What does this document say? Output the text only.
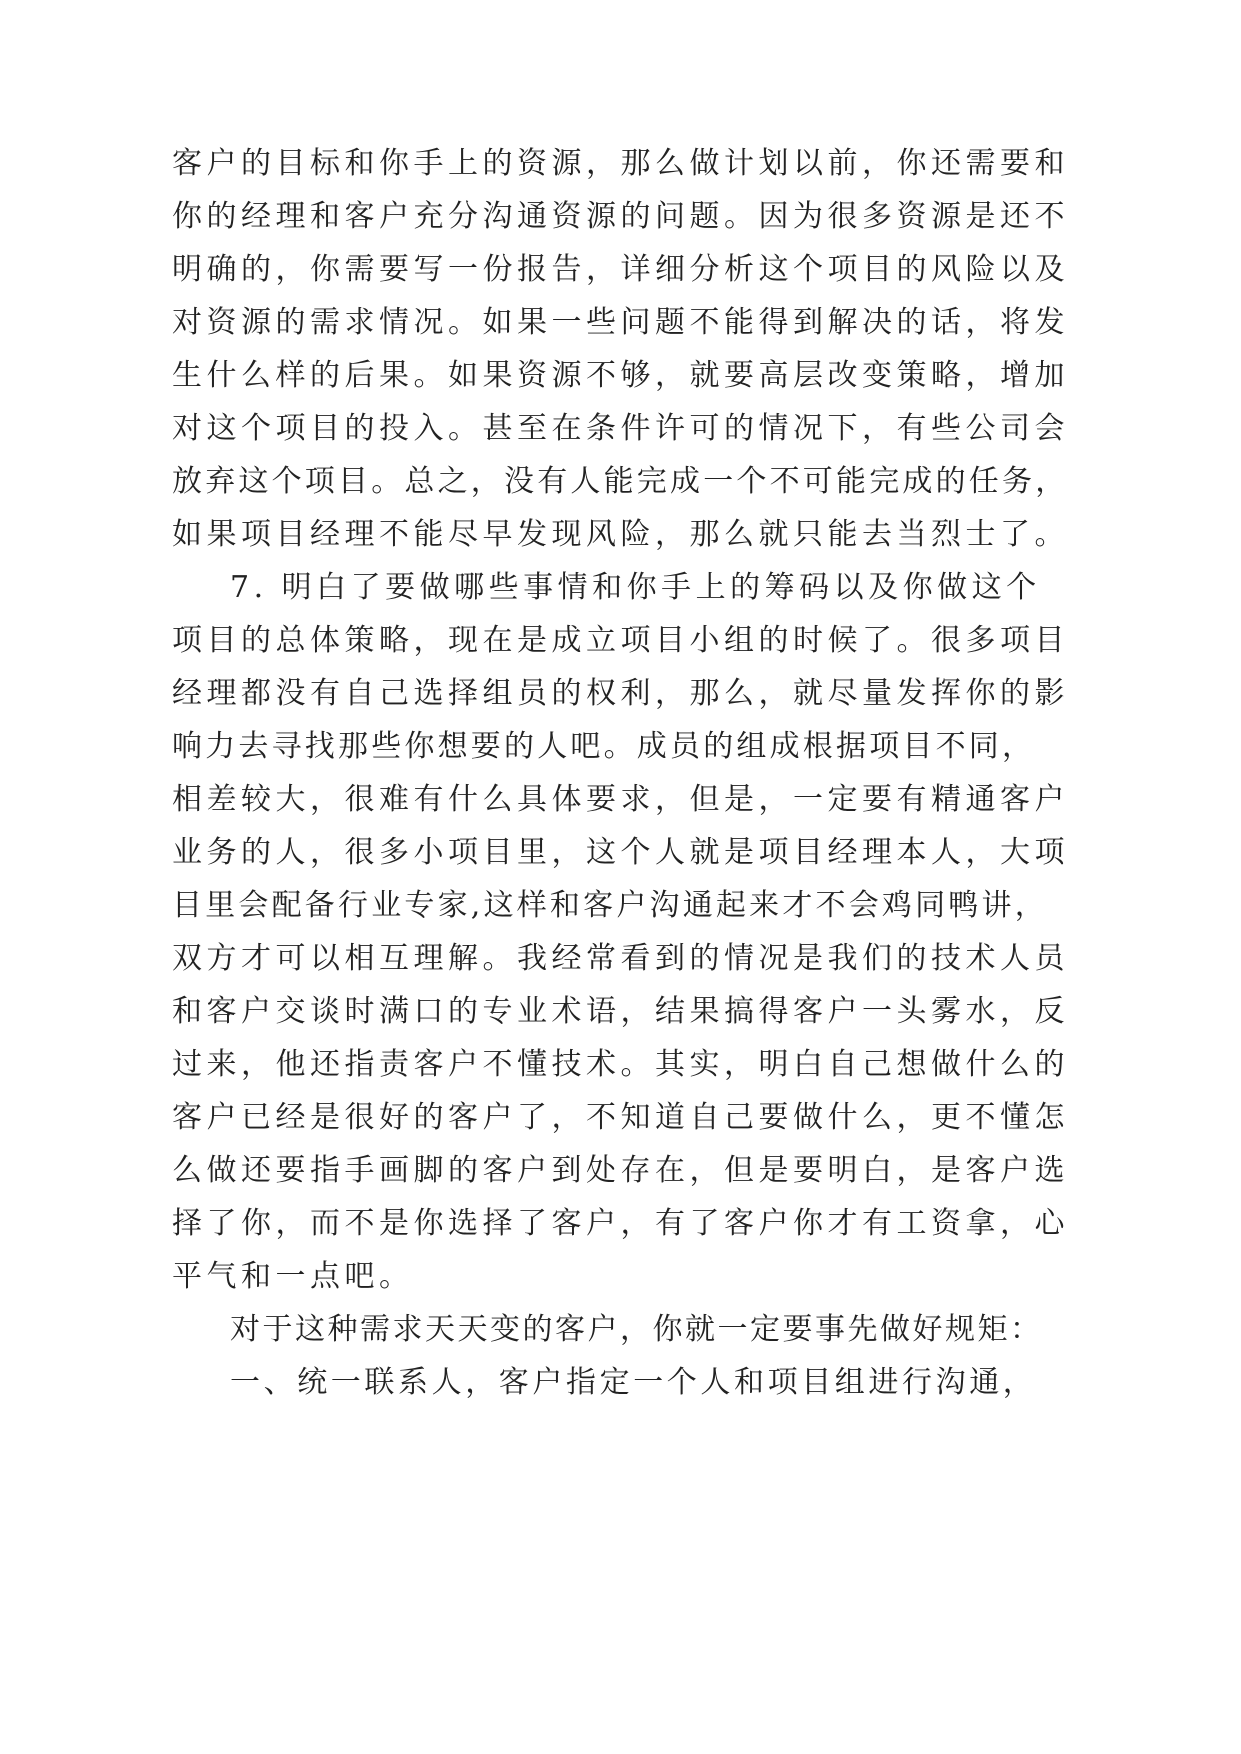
客户的目标和你手上的资源，那么做计划以前，你还需要和
你的经理和客户充分沟通资源的问题。因为很多资源是还不
明确的，你需要写一份报告，详细分析这个项目的风险以及
对资源的需求情况。如果一些问题不能得到解决的话，将发
生什么样的后果。如果资源不够，就要高层改变策略，增加
对这个项目的投入。甚至在条件许可的情况下，有些公司会
放弃这个项目。总之，没有人能完成一个不可能完成的任务，
如果项目经理不能尽早发现风险，那么就只能去当烈士了。
7. 明白了要做哪些事情和你手上的筹码以及你做这个
项目的总体策略，现在是成立项目小组的时候了。很多项目
经理都没有自己选择组员的权利，那么，就尽量发挥你的影
响力去寻找那些你想要的人吧。成员的组成根据项目不同，
相差较大，很难有什么具体要求，但是，一定要有精通客户
业务的人，很多小项目里，这个人就是项目经理本人，大项
目里会配备行业专家,这样和客户沟通起来才不会鸡同鸭讲，
双方才可以相互理解。我经常看到的情况是我们的技术人员
和客户交谈时满口的专业术语，结果搞得客户一头雾水，反
过来，他还指责客户不懂技术。其实，明白自己想做什么的
客户已经是很好的客户了，不知道自己要做什么，更不懂怎
么做还要指手画脚的客户到处存在，但是要明白，是客户选
择了你，而不是你选择了客户，有了客户你才有工资拿，心
平气和一点吧。
对于这种需求天天变的客户，你就一定要事先做好规矩：
一、统一联系人，客户指定一个人和项目组进行沟通，
